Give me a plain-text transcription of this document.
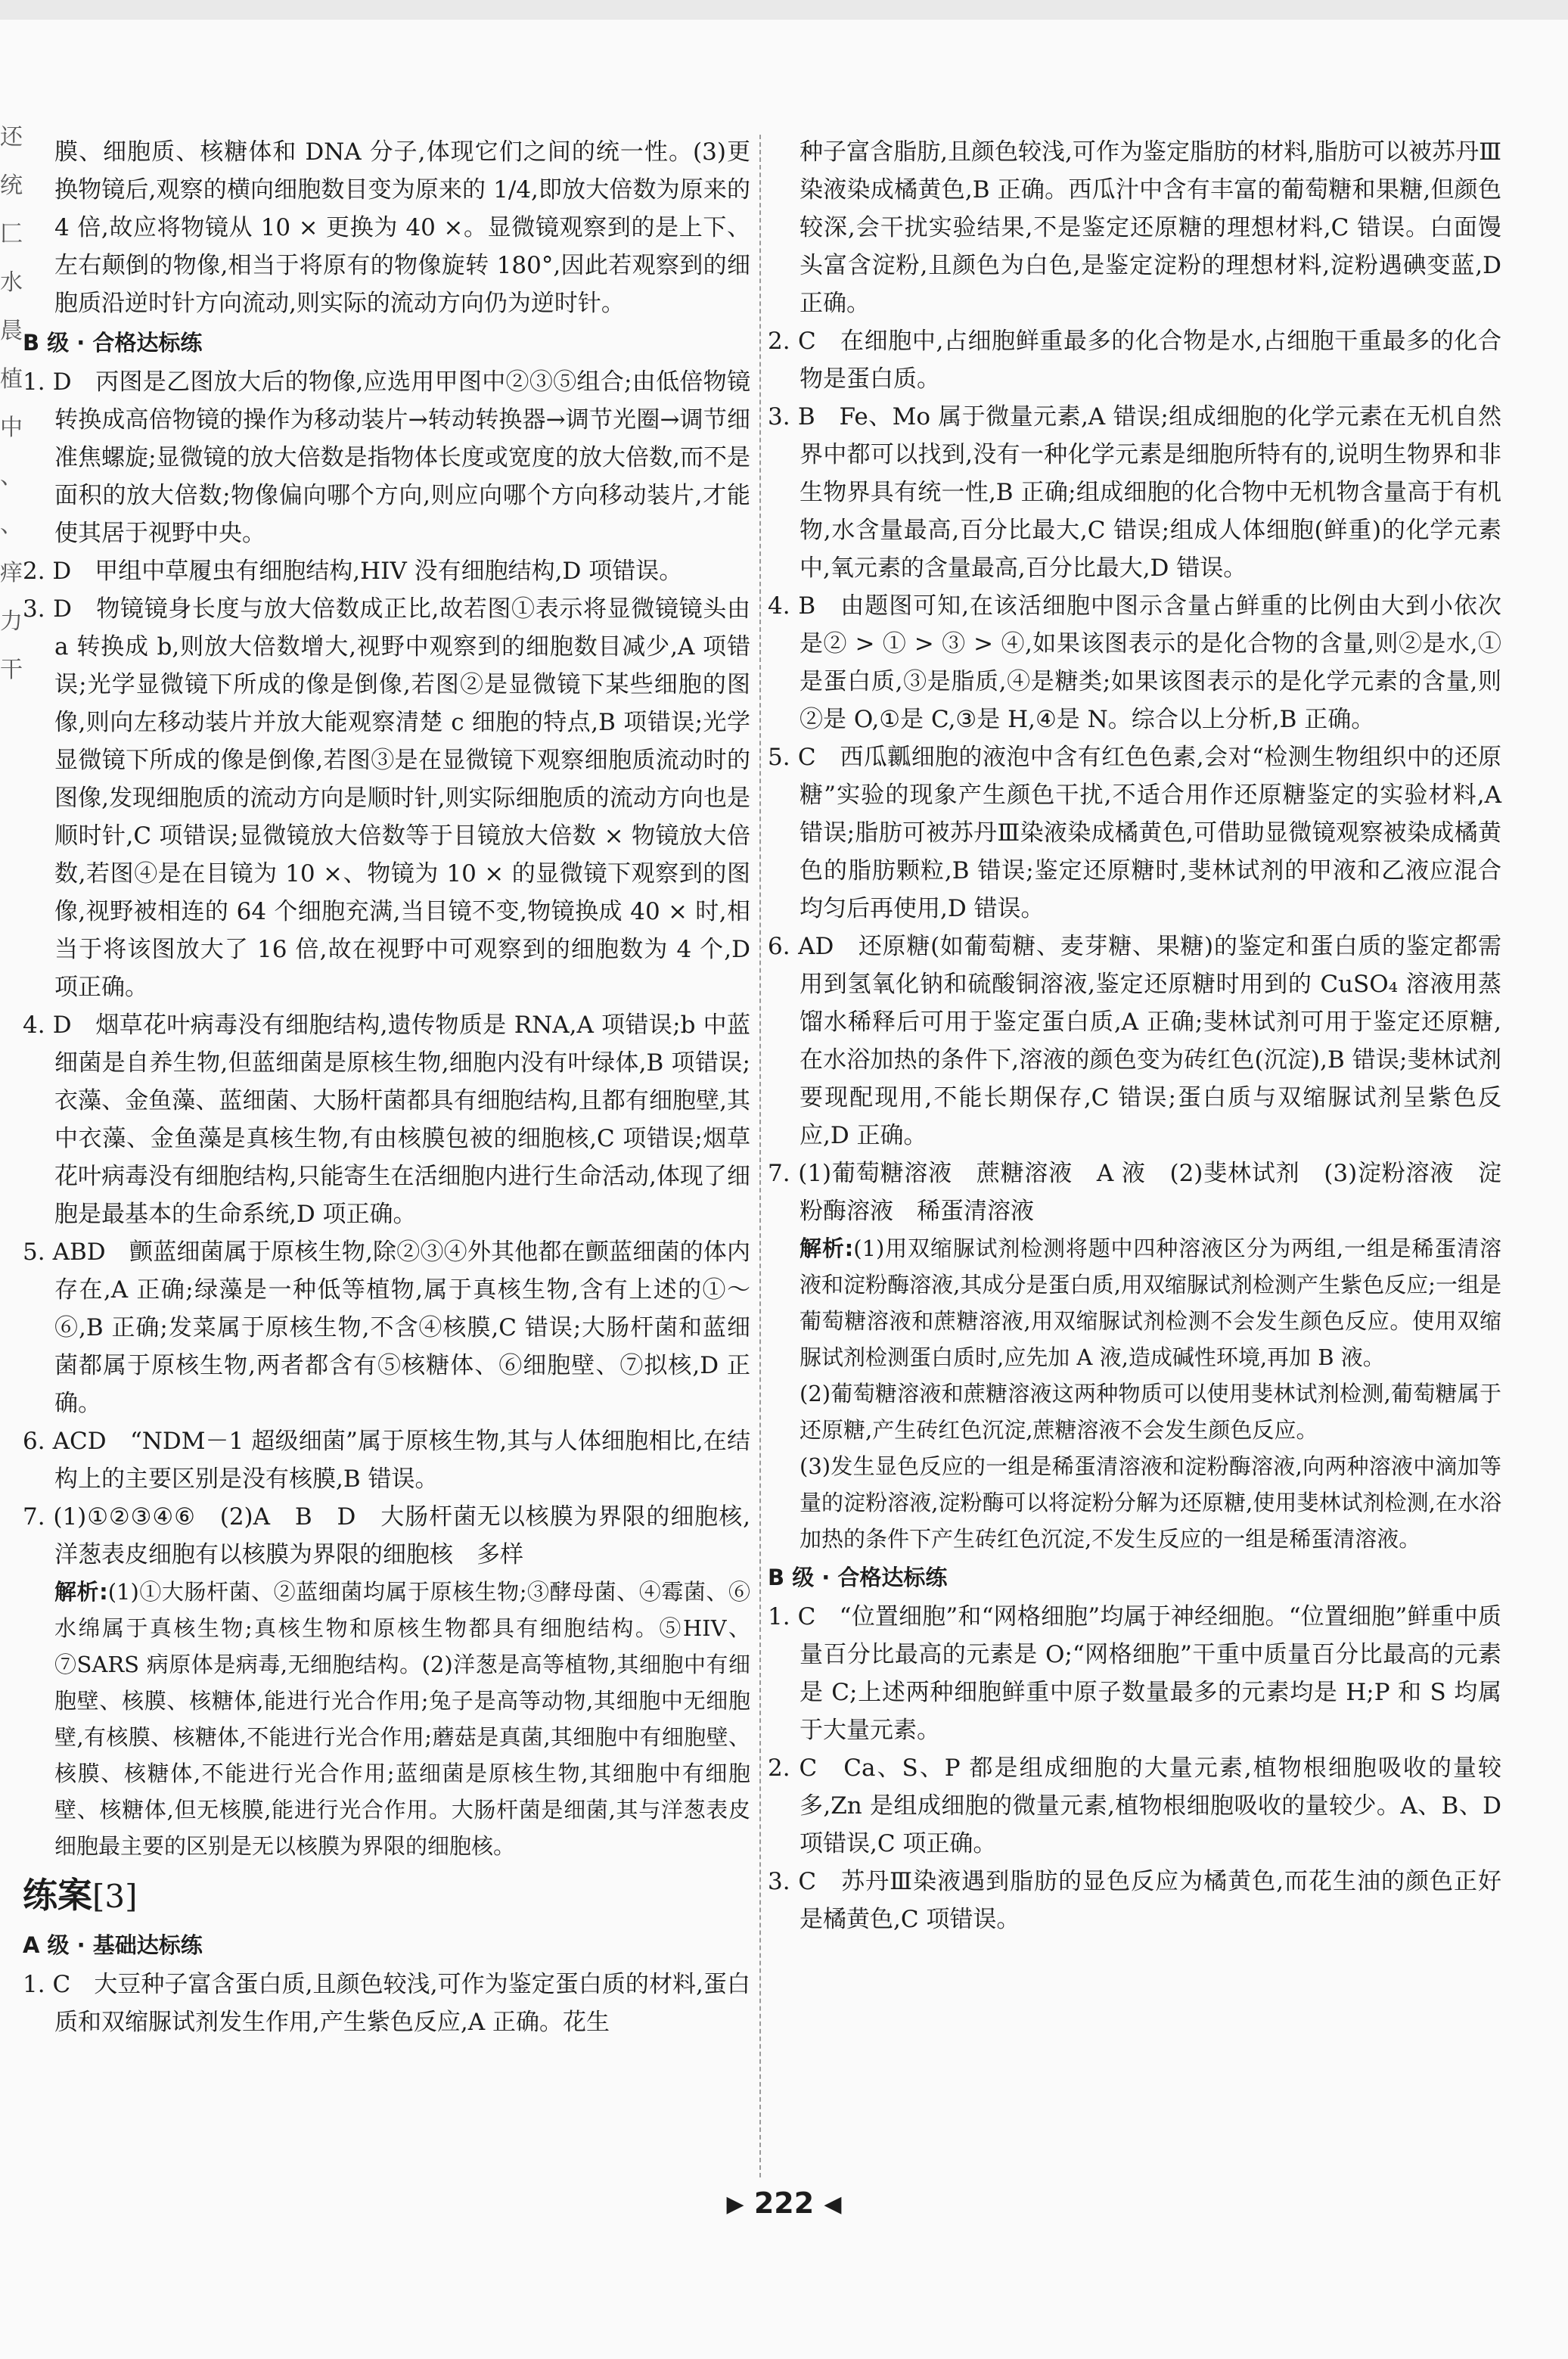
还
统
匚
水
晨
植
中
、
、
痒
力
干

膜、细胞质、核糖体和 DNA 分子,体现它们之间的统一性。(3)更换物镜后,观察的横向细胞数目变为原来的 1/4,即放大倍数为原来的 4 倍,故应将物镜从 10 × 更换为 40 ×。显微镜观察到的是上下、左右颠倒的物像,相当于将原有的物像旋转 180°,因此若观察到的细胞质沿逆时针方向流动,则实际的流动方向仍为逆时针。

B 级 · 合格达标练

1. D　丙图是乙图放大后的物像,应选用甲图中②③⑤组合;由低倍物镜转换成高倍物镜的操作为移动装片→转动转换器→调节光圈→调节细准焦螺旋;显微镜的放大倍数是指物体长度或宽度的放大倍数,而不是面积的放大倍数;物像偏向哪个方向,则应向哪个方向移动装片,才能使其居于视野中央。

2. D　甲组中草履虫有细胞结构,HIV 没有细胞结构,D 项错误。

3. D　物镜镜身长度与放大倍数成正比,故若图①表示将显微镜镜头由 a 转换成 b,则放大倍数增大,视野中观察到的细胞数目减少,A 项错误;光学显微镜下所成的像是倒像,若图②是显微镜下某些细胞的图像,则向左移动装片并放大能观察清楚 c 细胞的特点,B 项错误;光学显微镜下所成的像是倒像,若图③是在显微镜下观察细胞质流动时的图像,发现细胞质的流动方向是顺时针,则实际细胞质的流动方向也是顺时针,C 项错误;显微镜放大倍数等于目镜放大倍数 × 物镜放大倍数,若图④是在目镜为 10 ×、物镜为 10 × 的显微镜下观察到的图像,视野被相连的 64 个细胞充满,当目镜不变,物镜换成 40 × 时,相当于将该图放大了 16 倍,故在视野中可观察到的细胞数为 4 个,D 项正确。

4. D　烟草花叶病毒没有细胞结构,遗传物质是 RNA,A 项错误;b 中蓝细菌是自养生物,但蓝细菌是原核生物,细胞内没有叶绿体,B 项错误;衣藻、金鱼藻、蓝细菌、大肠杆菌都具有细胞结构,且都有细胞壁,其中衣藻、金鱼藻是真核生物,有由核膜包被的细胞核,C 项错误;烟草花叶病毒没有细胞结构,只能寄生在活细胞内进行生命活动,体现了细胞是最基本的生命系统,D 项正确。

5. ABD　颤蓝细菌属于原核生物,除②③④外其他都在颤蓝细菌的体内存在,A 正确;绿藻是一种低等植物,属于真核生物,含有上述的①～⑥,B 正确;发菜属于原核生物,不含④核膜,C 错误;大肠杆菌和蓝细菌都属于原核生物,两者都含有⑤核糖体、⑥细胞壁、⑦拟核,D 正确。

6. ACD　“NDM－1 超级细菌”属于原核生物,其与人体细胞相比,在结构上的主要区别是没有核膜,B 错误。

7. (1)①②③④⑥　(2)A　B　D　大肠杆菌无以核膜为界限的细胞核,洋葱表皮细胞有以核膜为界限的细胞核　多样

解析:(1)①大肠杆菌、②蓝细菌均属于原核生物;③酵母菌、④霉菌、⑥水绵属于真核生物;真核生物和原核生物都具有细胞结构。⑤HIV、⑦SARS 病原体是病毒,无细胞结构。(2)洋葱是高等植物,其细胞中有细胞壁、核膜、核糖体,能进行光合作用;兔子是高等动物,其细胞中无细胞壁,有核膜、核糖体,不能进行光合作用;蘑菇是真菌,其细胞中有细胞壁、核膜、核糖体,不能进行光合作用;蓝细菌是原核生物,其细胞中有细胞壁、核糖体,但无核膜,能进行光合作用。大肠杆菌是细菌,其与洋葱表皮细胞最主要的区别是无以核膜为界限的细胞核。

练案[3]
A 级 · 基础达标练

1. C　大豆种子富含蛋白质,且颜色较浅,可作为鉴定蛋白质的材料,蛋白质和双缩脲试剂发生作用,产生紫色反应,A 正确。花生

种子富含脂肪,且颜色较浅,可作为鉴定脂肪的材料,脂肪可以被苏丹Ⅲ染液染成橘黄色,B 正确。西瓜汁中含有丰富的葡萄糖和果糖,但颜色较深,会干扰实验结果,不是鉴定还原糖的理想材料,C 错误。白面馒头富含淀粉,且颜色为白色,是鉴定淀粉的理想材料,淀粉遇碘变蓝,D 正确。

2. C　在细胞中,占细胞鲜重最多的化合物是水,占细胞干重最多的化合物是蛋白质。

3. B　Fe、Mo 属于微量元素,A 错误;组成细胞的化学元素在无机自然界中都可以找到,没有一种化学元素是细胞所特有的,说明生物界和非生物界具有统一性,B 正确;组成细胞的化合物中无机物含量高于有机物,水含量最高,百分比最大,C 错误;组成人体细胞(鲜重)的化学元素中,氧元素的含量最高,百分比最大,D 错误。

4. B　由题图可知,在该活细胞中图示含量占鲜重的比例由大到小依次是② > ① > ③ > ④,如果该图表示的是化合物的含量,则②是水,①是蛋白质,③是脂质,④是糖类;如果该图表示的是化学元素的含量,则②是 O,①是 C,③是 H,④是 N。综合以上分析,B 正确。

5. C　西瓜瓤细胞的液泡中含有红色色素,会对“检测生物组织中的还原糖”实验的现象产生颜色干扰,不适合用作还原糖鉴定的实验材料,A 错误;脂肪可被苏丹Ⅲ染液染成橘黄色,可借助显微镜观察被染成橘黄色的脂肪颗粒,B 错误;鉴定还原糖时,斐林试剂的甲液和乙液应混合均匀后再使用,D 错误。

6. AD　还原糖(如葡萄糖、麦芽糖、果糖)的鉴定和蛋白质的鉴定都需用到氢氧化钠和硫酸铜溶液,鉴定还原糖时用到的 CuSO₄ 溶液用蒸馏水稀释后可用于鉴定蛋白质,A 正确;斐林试剂可用于鉴定还原糖,在水浴加热的条件下,溶液的颜色变为砖红色(沉淀),B 错误;斐林试剂要现配现用,不能长期保存,C 错误;蛋白质与双缩脲试剂呈紫色反应,D 正确。

7. (1)葡萄糖溶液　蔗糖溶液　A 液　(2)斐林试剂　(3)淀粉溶液　淀粉酶溶液　稀蛋清溶液

解析:(1)用双缩脲试剂检测将题中四种溶液区分为两组,一组是稀蛋清溶液和淀粉酶溶液,其成分是蛋白质,用双缩脲试剂检测产生紫色反应;一组是葡萄糖溶液和蔗糖溶液,用双缩脲试剂检测不会发生颜色反应。使用双缩脲试剂检测蛋白质时,应先加 A 液,造成碱性环境,再加 B 液。

(2)葡萄糖溶液和蔗糖溶液这两种物质可以使用斐林试剂检测,葡萄糖属于还原糖,产生砖红色沉淀,蔗糖溶液不会发生颜色反应。

(3)发生显色反应的一组是稀蛋清溶液和淀粉酶溶液,向两种溶液中滴加等量的淀粉溶液,淀粉酶可以将淀粉分解为还原糖,使用斐林试剂检测,在水浴加热的条件下产生砖红色沉淀,不发生反应的一组是稀蛋清溶液。

B 级 · 合格达标练

1. C　“位置细胞”和“网格细胞”均属于神经细胞。“位置细胞”鲜重中质量百分比最高的元素是 O;“网格细胞”干重中质量百分比最高的元素是 C;上述两种细胞鲜重中原子数量最多的元素均是 H;P 和 S 均属于大量元素。

2. C　Ca、S、P 都是组成细胞的大量元素,植物根细胞吸收的量较多,Zn 是组成细胞的微量元素,植物根细胞吸收的量较少。A、B、D 项错误,C 项正确。

3. C　苏丹Ⅲ染液遇到脂肪的显色反应为橘黄色,而花生油的颜色正好是橘黄色,C 项错误。

▶ 222 ◀
